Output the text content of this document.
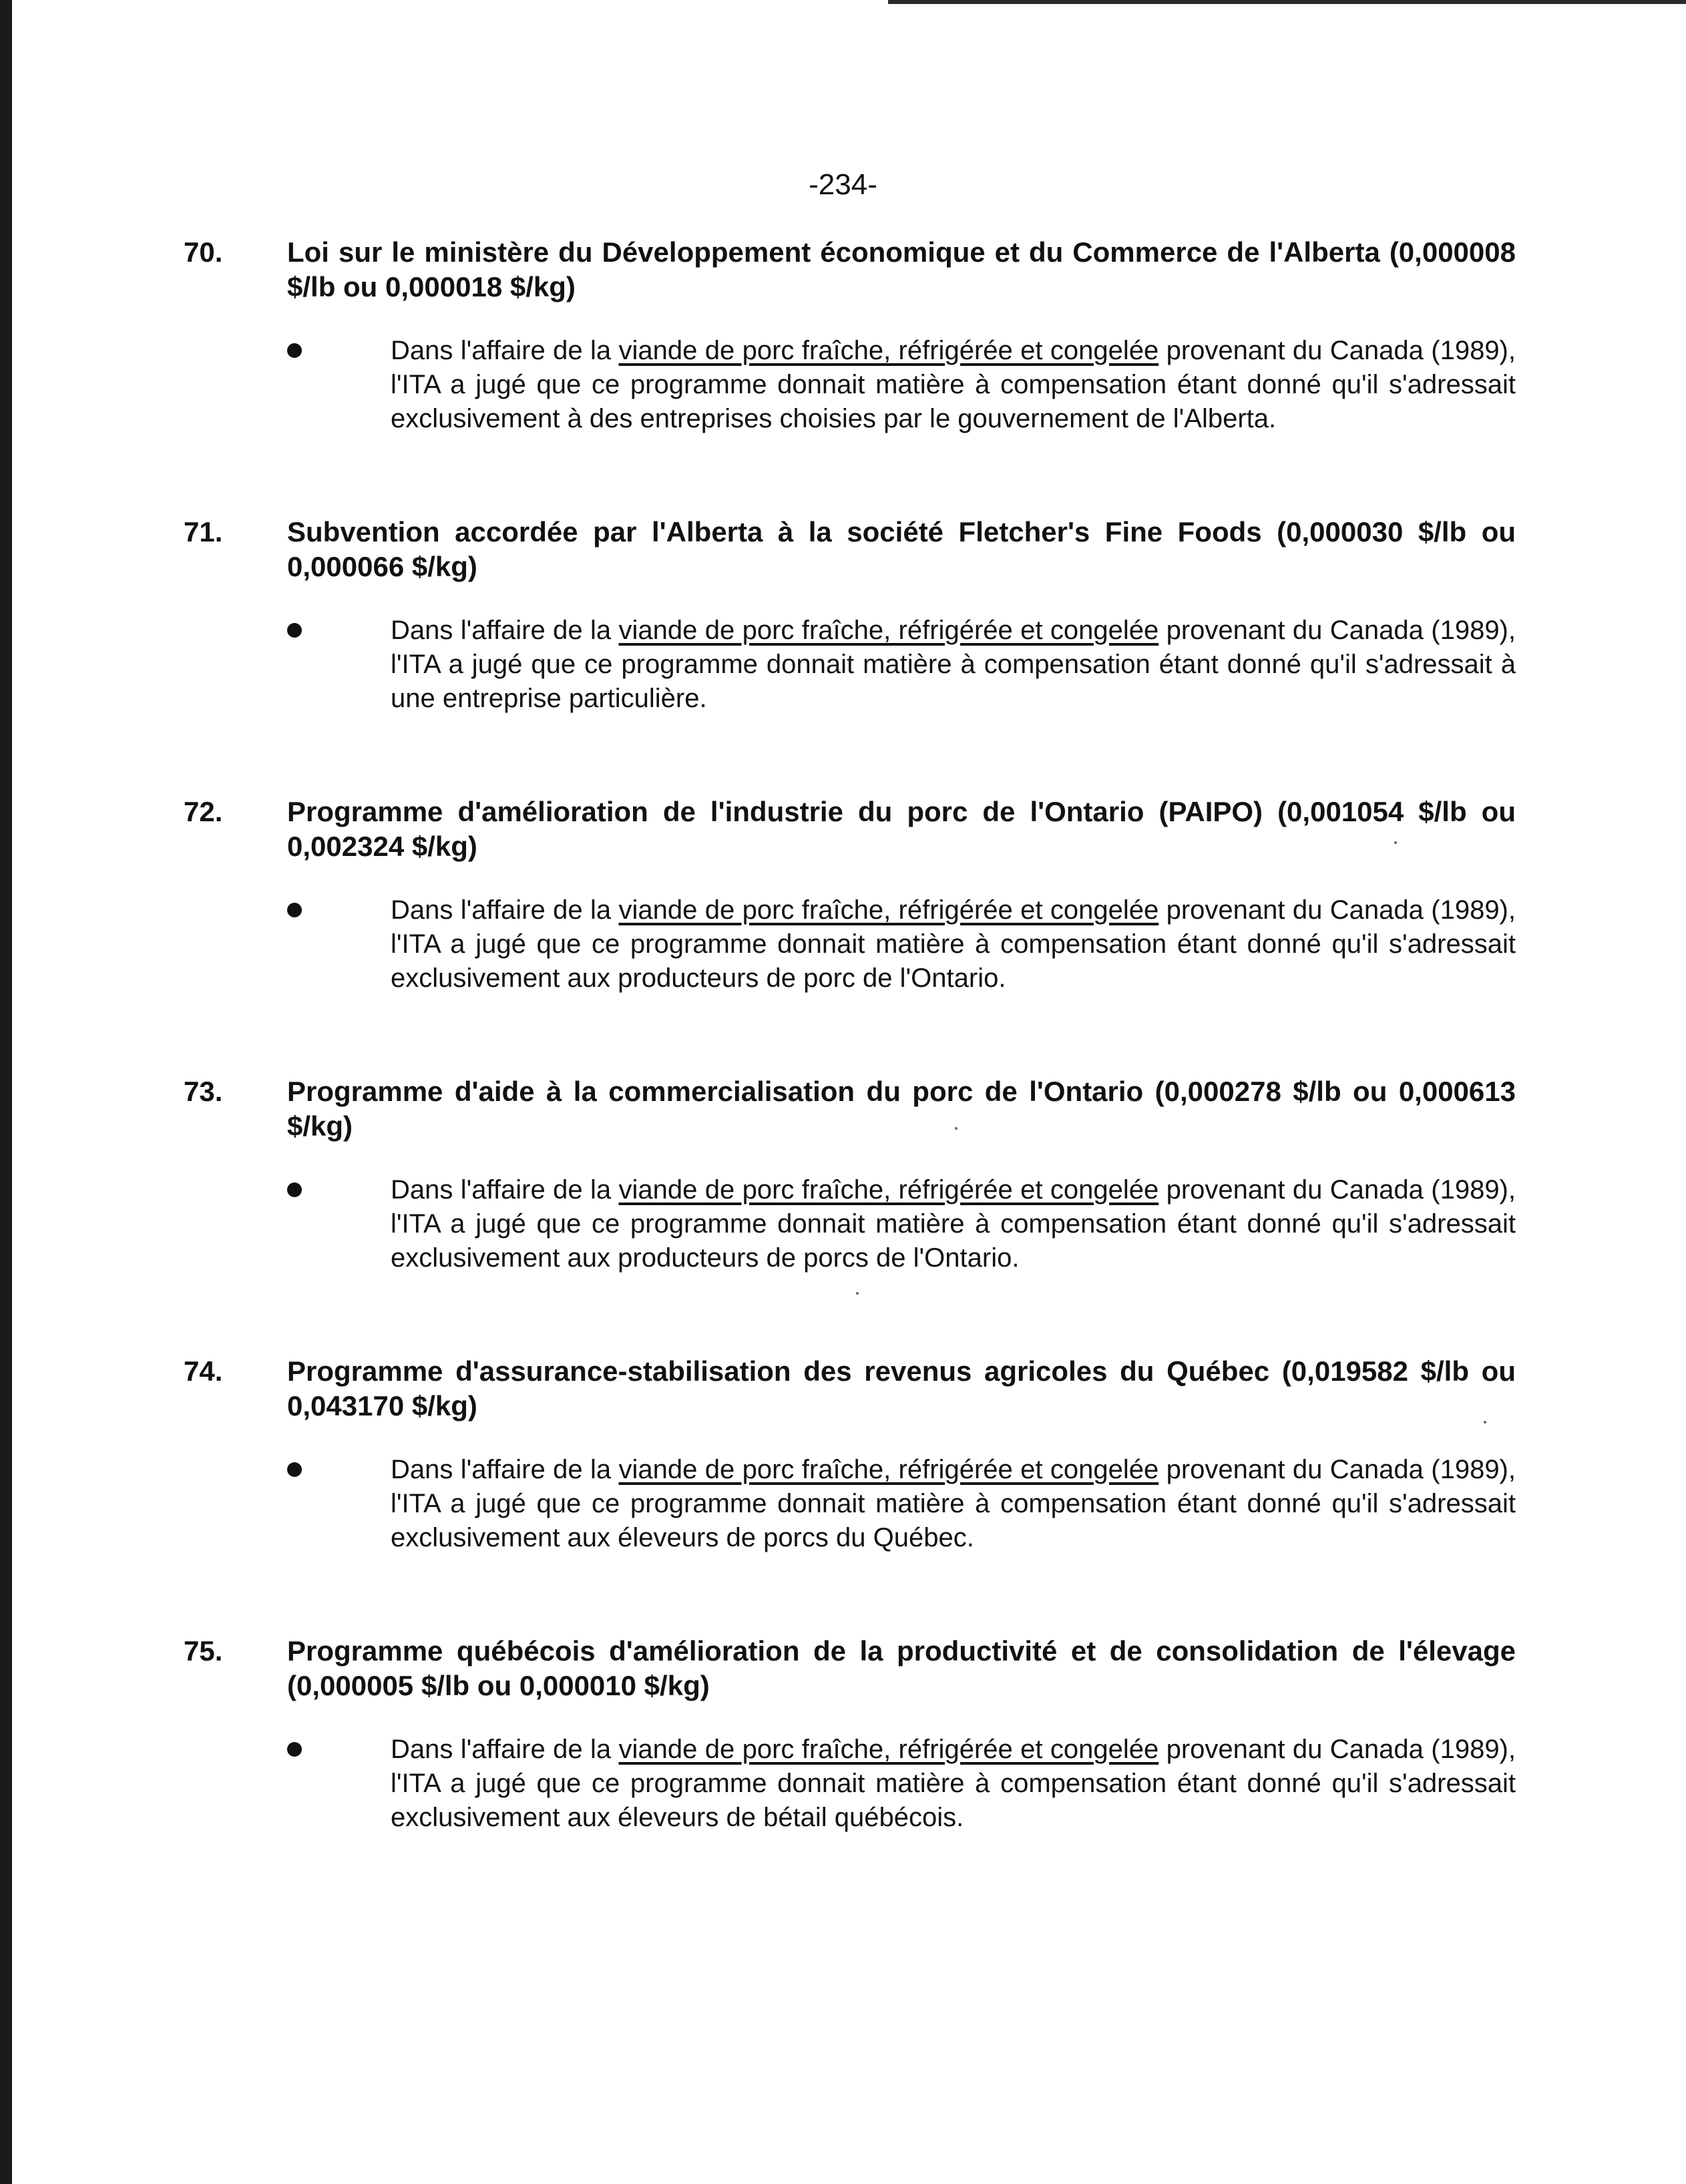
-234-
70. Loi sur le ministère du Développement économique et du Commerce de l'Alberta (0,000008 $/lb ou 0,000018 $/kg)
Dans l'affaire de la viande de porc fraîche, réfrigérée et congelée provenant du Canada (1989), l'ITA a jugé que ce programme donnait matière à compensation étant donné qu'il s'adressait exclusivement à des entreprises choisies par le gouvernement de l'Alberta.
71. Subvention accordée par l'Alberta à la société Fletcher's Fine Foods (0,000030 $/lb ou 0,000066 $/kg)
Dans l'affaire de la viande de porc fraîche, réfrigérée et congelée provenant du Canada (1989), l'ITA a jugé que ce programme donnait matière à compensation étant donné qu'il s'adressait à une entreprise particulière.
72. Programme d'amélioration de l'industrie du porc de l'Ontario (PAIPO) (0,001054 $/lb ou 0,002324 $/kg)
Dans l'affaire de la viande de porc fraîche, réfrigérée et congelée provenant du Canada (1989), l'ITA a jugé que ce programme donnait matière à compensation étant donné qu'il s'adressait exclusivement aux producteurs de porc de l'Ontario.
73. Programme d'aide à la commercialisation du porc de l'Ontario (0,000278 $/lb ou 0,000613 $/kg)
Dans l'affaire de la viande de porc fraîche, réfrigérée et congelée provenant du Canada (1989), l'ITA a jugé que ce programme donnait matière à compensation étant donné qu'il s'adressait exclusivement aux producteurs de porcs de l'Ontario.
74. Programme d'assurance-stabilisation des revenus agricoles du Québec (0,019582 $/lb ou 0,043170 $/kg)
Dans l'affaire de la viande de porc fraîche, réfrigérée et congelée provenant du Canada (1989), l'ITA a jugé que ce programme donnait matière à compensation étant donné qu'il s'adressait exclusivement aux éleveurs de porcs du Québec.
75. Programme québécois d'amélioration de la productivité et de consolidation de l'élevage (0,000005 $/lb ou 0,000010 $/kg)
Dans l'affaire de la viande de porc fraîche, réfrigérée et congelée provenant du Canada (1989), l'ITA a jugé que ce programme donnait matière à compensation étant donné qu'il s'adressait exclusivement aux éleveurs de bétail québécois.
